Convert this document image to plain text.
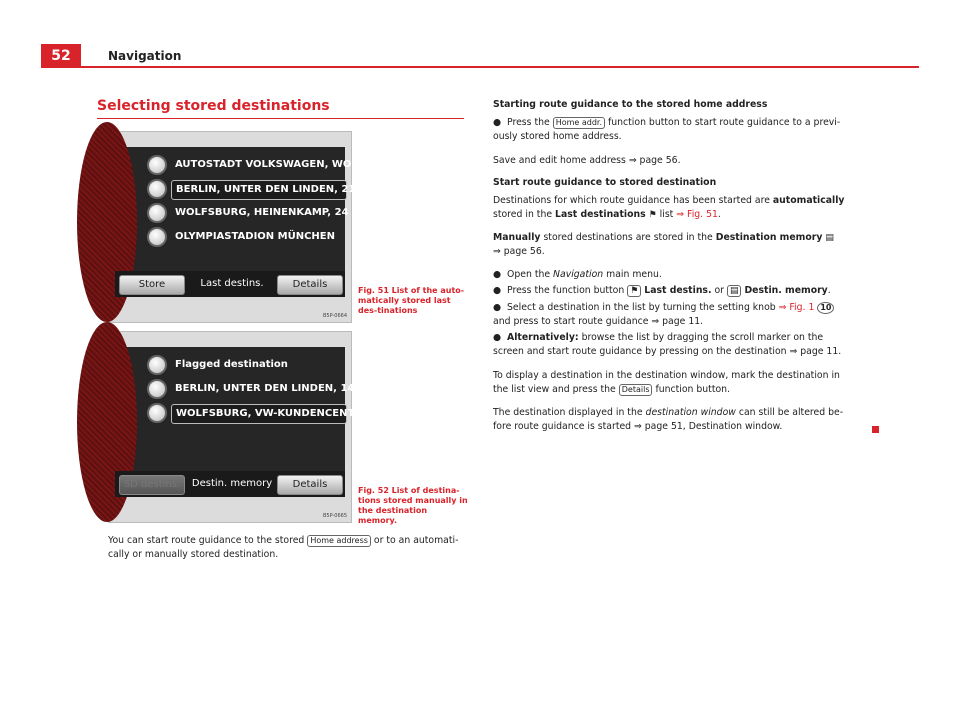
52	Navigation
Selecting stored destinations
AUTOSTADT VOLKSWAGEN, WOL...
BERLIN, UNTER DEN LINDEN, 21,...
WOLFSBURG, HEINENKAMP, 24
OLYMPIASTADION MÜNCHEN
Store	Last destins.	Details
B5P-0664
Fig. 51 List of the auto-matically stored last des-tinations
Flagged destination
BERLIN, UNTER DEN LINDEN, 14,...
WOLFSBURG, VW-KUNDENCENT...
SD destins.	Destin. memory	Details
B5P-0665
Fig. 52 List of destina-tions stored manually in the destination memory.
You can start route guidance to the stored Home address or to an automati-cally or manually stored destination.
Starting route guidance to the stored home address
●  Press the Home addr. function button to start route guidance to a previ-ously stored home address.
Save and edit home address ⇒ page 56.
Start route guidance to stored destination
Destinations for which route guidance has been started are automatically stored in the Last destinations ⚑ list ⇒ Fig. 51.
Manually stored destinations are stored in the Destination memory ▤
⇒ page 56.
●  Open the Navigation main menu.
●  Press the function button ⚑ Last destins. or ▤ Destin. memory.
●  Select a destination in the list by turning the setting knob ⇒ Fig. 1 10 and press to start route guidance ⇒ page 11.
●  Alternatively: browse the list by dragging the scroll marker on the screen and start route guidance by pressing on the destination ⇒ page 11.
To display a destination in the destination window, mark the destination in the list view and press the Details function button.
The destination displayed in the destination window can still be altered be-fore route guidance is started ⇒ page 51, Destination window.
